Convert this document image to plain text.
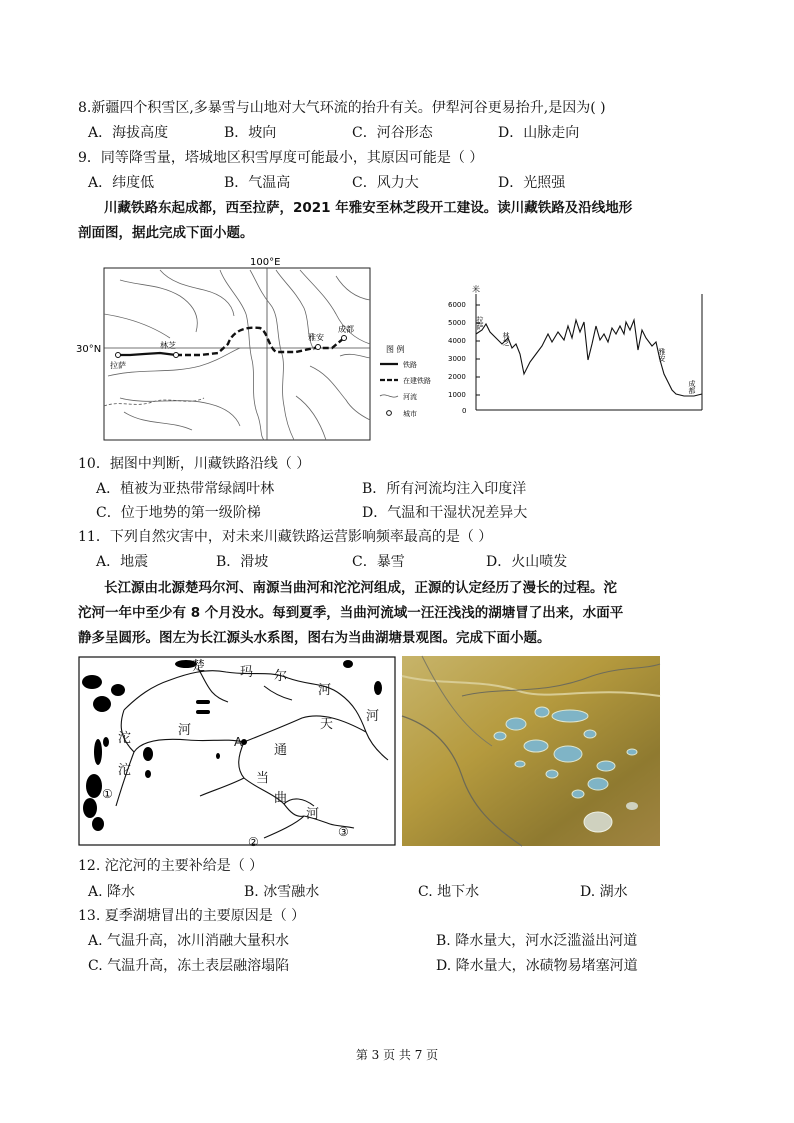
8.新疆四个积雪区,多暴雪与山地对大气环流的抬升有关。伊犁河谷更易抬升,是因为( )
A．海拔高度	B．坡向	C．河谷形态	D．山脉走向
9．同等降雪量，塔城地区积雪厚度可能最小，其原因可能是（ ）
A．纬度低	B．气温高	C．风力大	D．光照强
川藏铁路东起成都，西至拉萨，2021 年雅安至林芝段开工建设。读川藏铁路及沿线地形
剖面图，据此完成下面小题。
100°E
30°N
拉萨
林芝
雅安
成都
图 例
铁路
在建铁路
河流
城市
米
6000
5000
4000
3000
2000
1000
0
拉萨
林芝
雅安
成都
10．据图中判断，川藏铁路沿线（ ）
A．植被为亚热带常绿阔叶林	B．所有河流均注入印度洋
C．位于地势的第一级阶梯	D．气温和干湿状况差异大
11．下列自然灾害中，对未来川藏铁路运营影响频率最高的是（ ）
A．地震	B．滑坡	C．暴雪	D．火山喷发
长江源由北源楚玛尔河、南源当曲河和沱沱河组成，正源的认定经历了漫长的过程。沱
沱河一年中至少有 8 个月没水。每到夏季，当曲河流域一汪汪浅浅的湖塘冒了出来，水面平
静多呈圆形。图左为长江源头水系图，图右为当曲湖塘景观图。完成下面小题。
楚	玛 尔
河
天
河
沱
沱
河
通
当
曲
河
A
①
②
③
12. 沱沱河的主要补给是（ ）
A. 降水	B. 冰雪融水	C. 地下水	D. 湖水
13. 夏季湖塘冒出的主要原因是（ ）
A. 气温升高，冰川消融大量积水	B. 降水量大，河水泛滥溢出河道
C. 气温升高，冻土表层融溶塌陷	D. 降水量大，冰碛物易堵塞河道
第 3 页 共 7 页
